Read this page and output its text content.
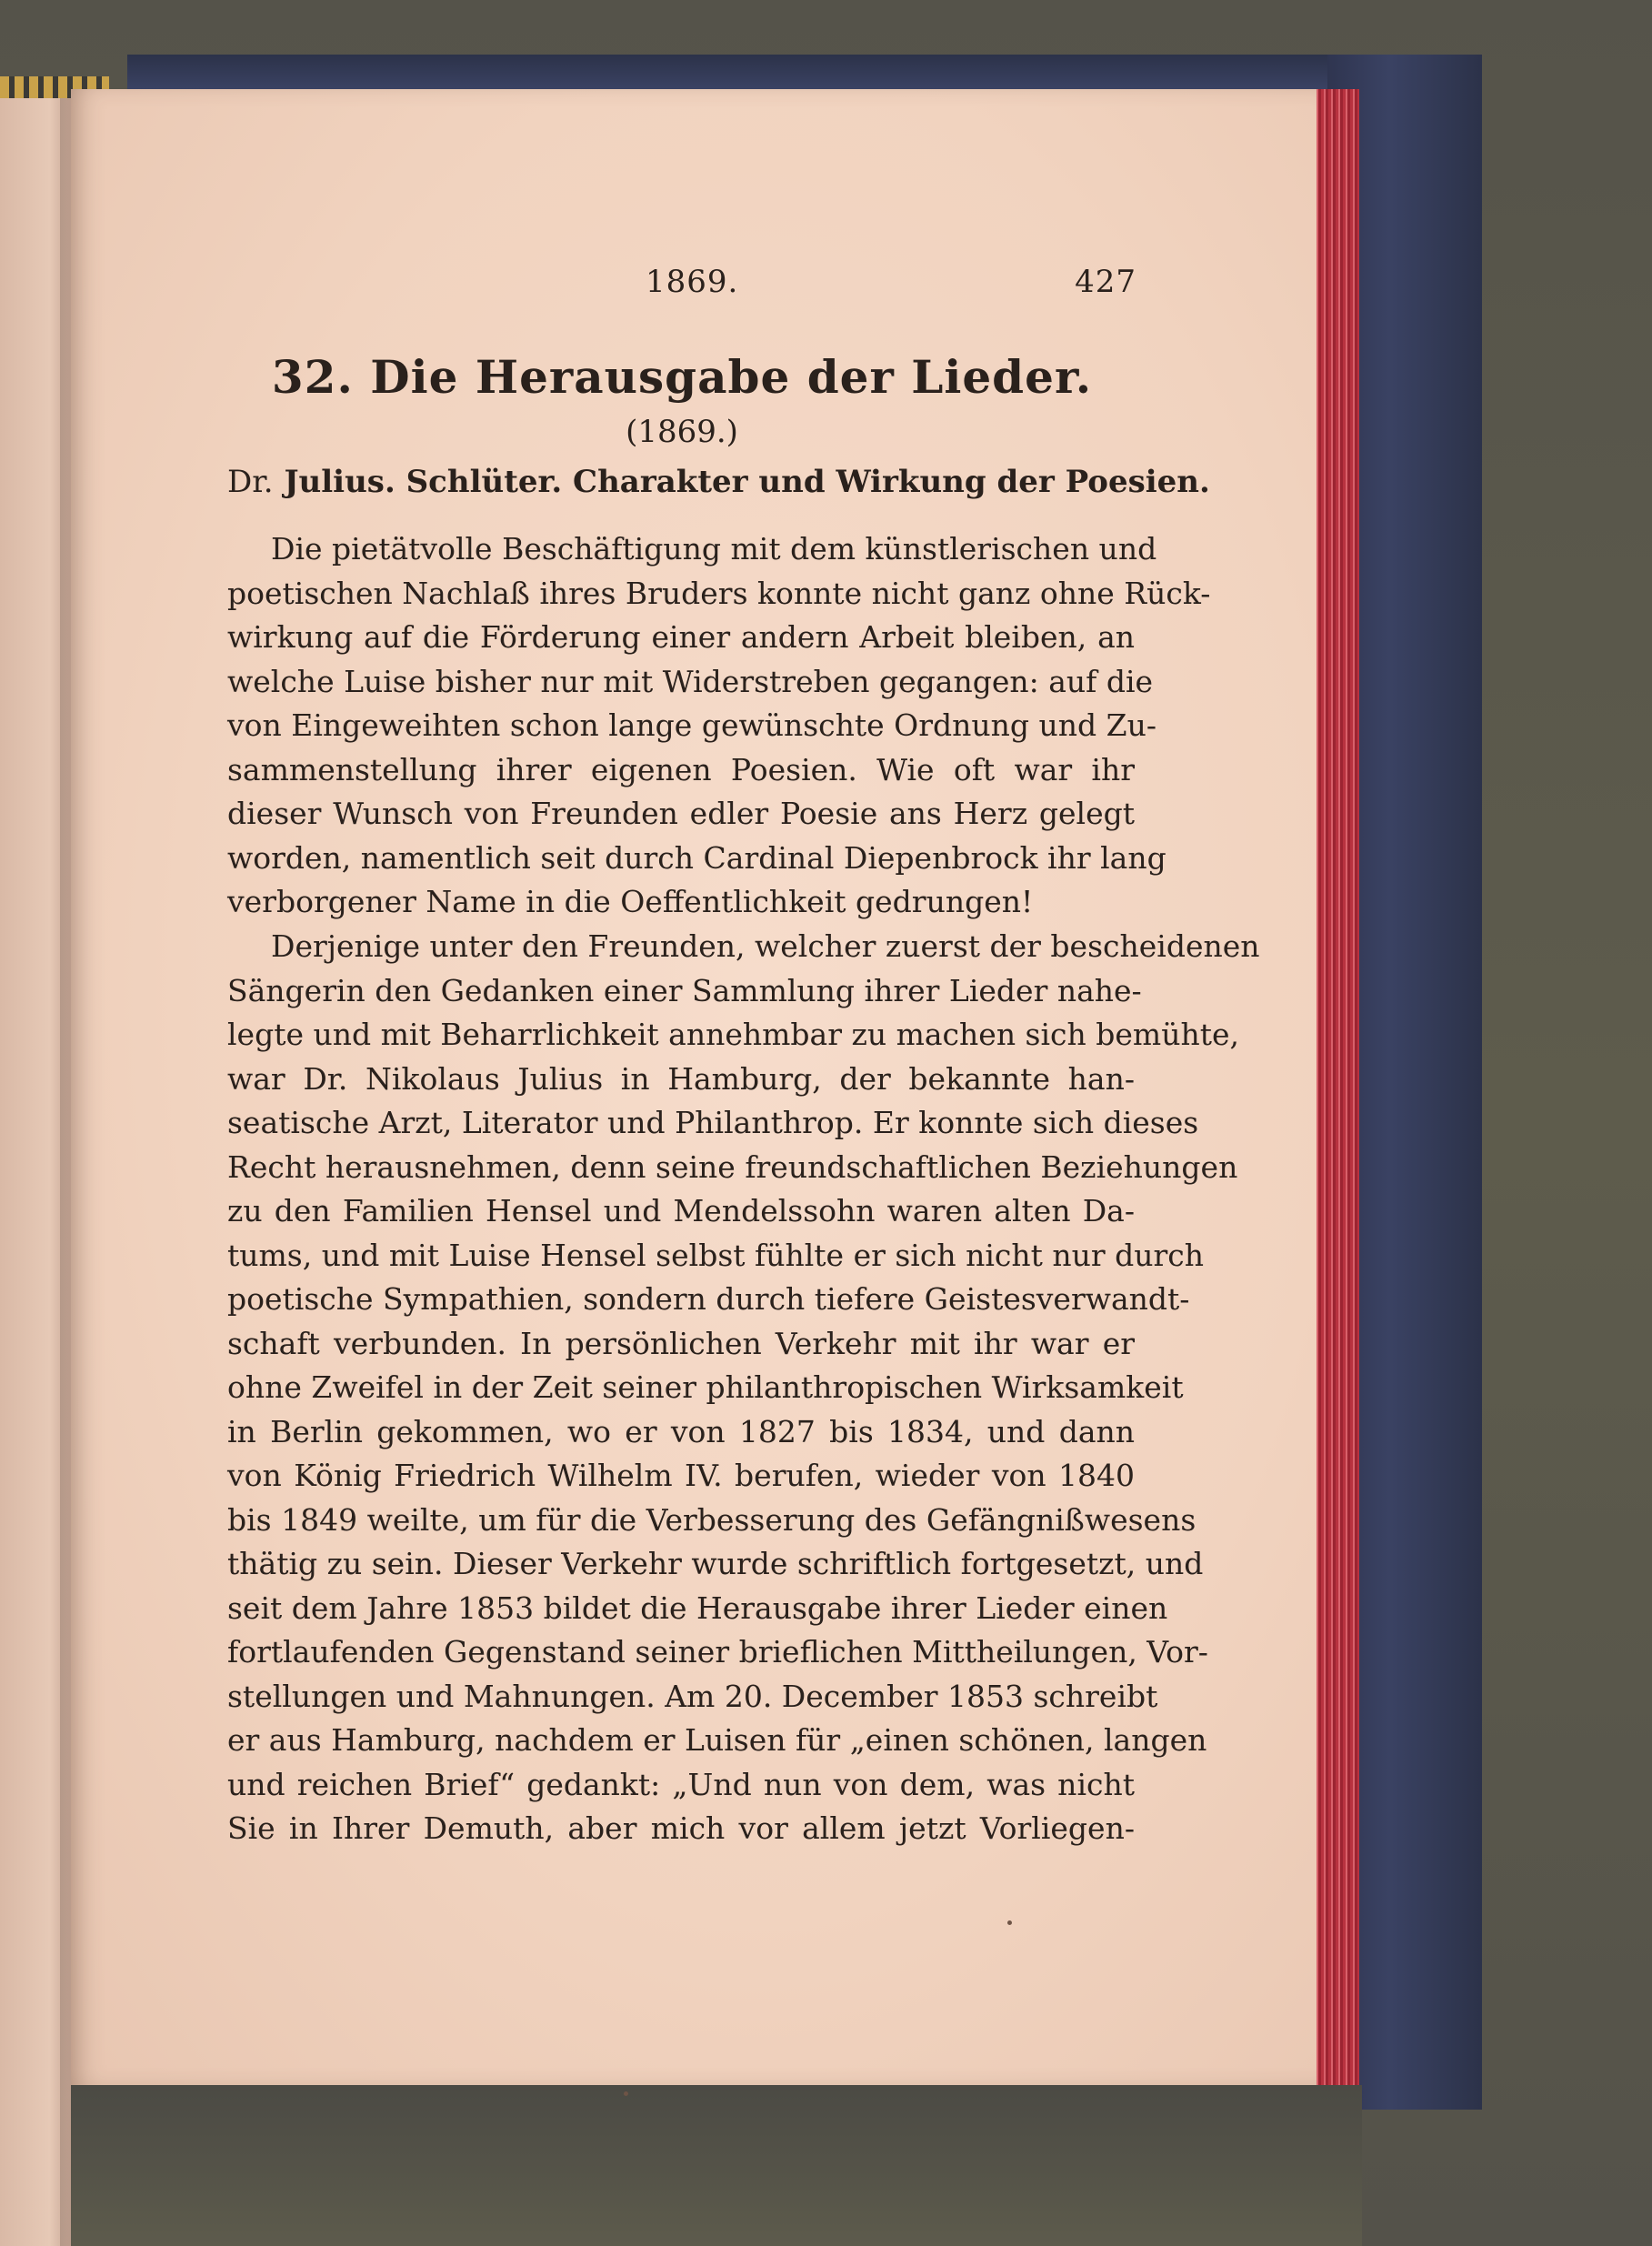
1869.	427
32. Die Herausgabe der Lieder.
(1869.)
Dr. Julius. Schlüter. Charakter und Wirkung der Poesien.
Die pietätvolle Beschäftigung mit dem künstlerischen und
poetischen Nachlaß ihres Bruders konnte nicht ganz ohne Rück-
wirkung auf die Förderung einer andern Arbeit bleiben, an
welche Luise bisher nur mit Widerstreben gegangen: auf die
von Eingeweihten schon lange gewünschte Ordnung und Zu-
sammenstellung ihrer eigenen Poesien. Wie oft war ihr
dieser Wunsch von Freunden edler Poesie ans Herz gelegt
worden, namentlich seit durch Cardinal Diepenbrock ihr lang
verborgener Name in die Oeffentlichkeit gedrungen!
Derjenige unter den Freunden, welcher zuerst der bescheidenen
Sängerin den Gedanken einer Sammlung ihrer Lieder nahe-
legte und mit Beharrlichkeit annehmbar zu machen sich bemühte,
war Dr. Nikolaus Julius in Hamburg, der bekannte han-
seatische Arzt, Literator und Philanthrop. Er konnte sich dieses
Recht herausnehmen, denn seine freundschaftlichen Beziehungen
zu den Familien Hensel und Mendelssohn waren alten Da-
tums, und mit Luise Hensel selbst fühlte er sich nicht nur durch
poetische Sympathien, sondern durch tiefere Geistesverwandt-
schaft verbunden. In persönlichen Verkehr mit ihr war er
ohne Zweifel in der Zeit seiner philanthropischen Wirksamkeit
in Berlin gekommen, wo er von 1827 bis 1834, und dann
von König Friedrich Wilhelm IV. berufen, wieder von 1840
bis 1849 weilte, um für die Verbesserung des Gefängnißwesens
thätig zu sein. Dieser Verkehr wurde schriftlich fortgesetzt, und
seit dem Jahre 1853 bildet die Herausgabe ihrer Lieder einen
fortlaufenden Gegenstand seiner brieflichen Mittheilungen, Vor-
stellungen und Mahnungen. Am 20. December 1853 schreibt
er aus Hamburg, nachdem er Luisen für „einen schönen, langen
und reichen Brief“ gedankt: „Und nun von dem, was nicht
Sie in Ihrer Demuth, aber mich vor allem jetzt Vorliegen-
